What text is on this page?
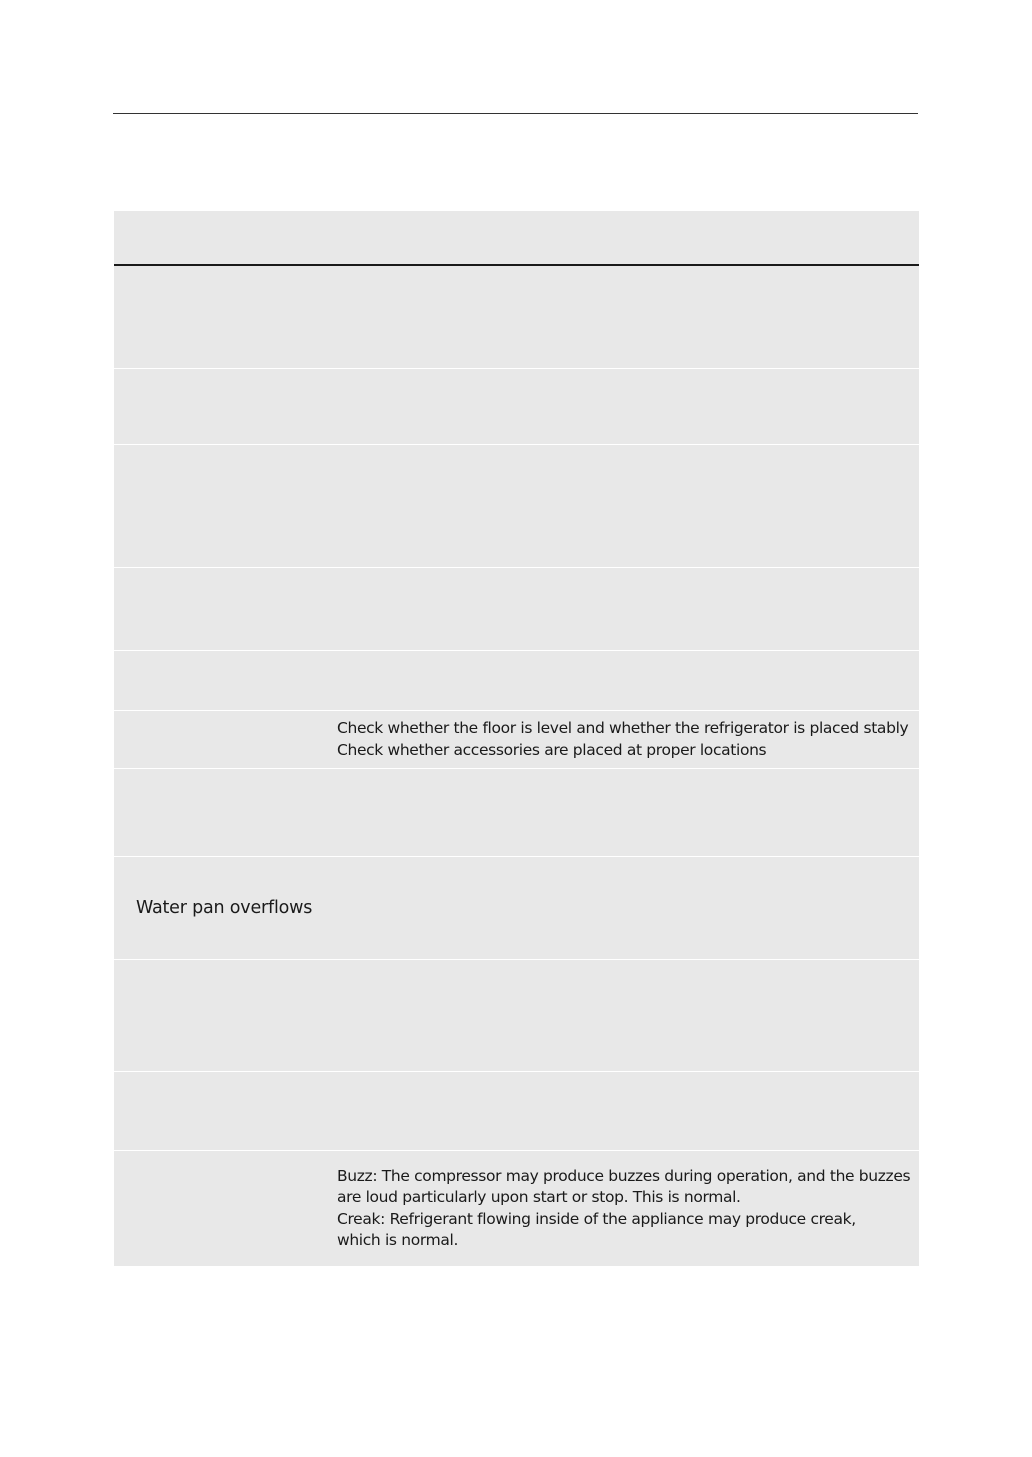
Check whether the floor is level and whether the refrigerator is placed stably
Check whether accessories are placed at proper locations
Water pan overflows
Buzz: The compressor may produce buzzes during operation, and the buzzes
are loud particularly upon start or stop. This is normal.
Creak: Refrigerant flowing inside of the appliance may produce creak,
which is normal.
